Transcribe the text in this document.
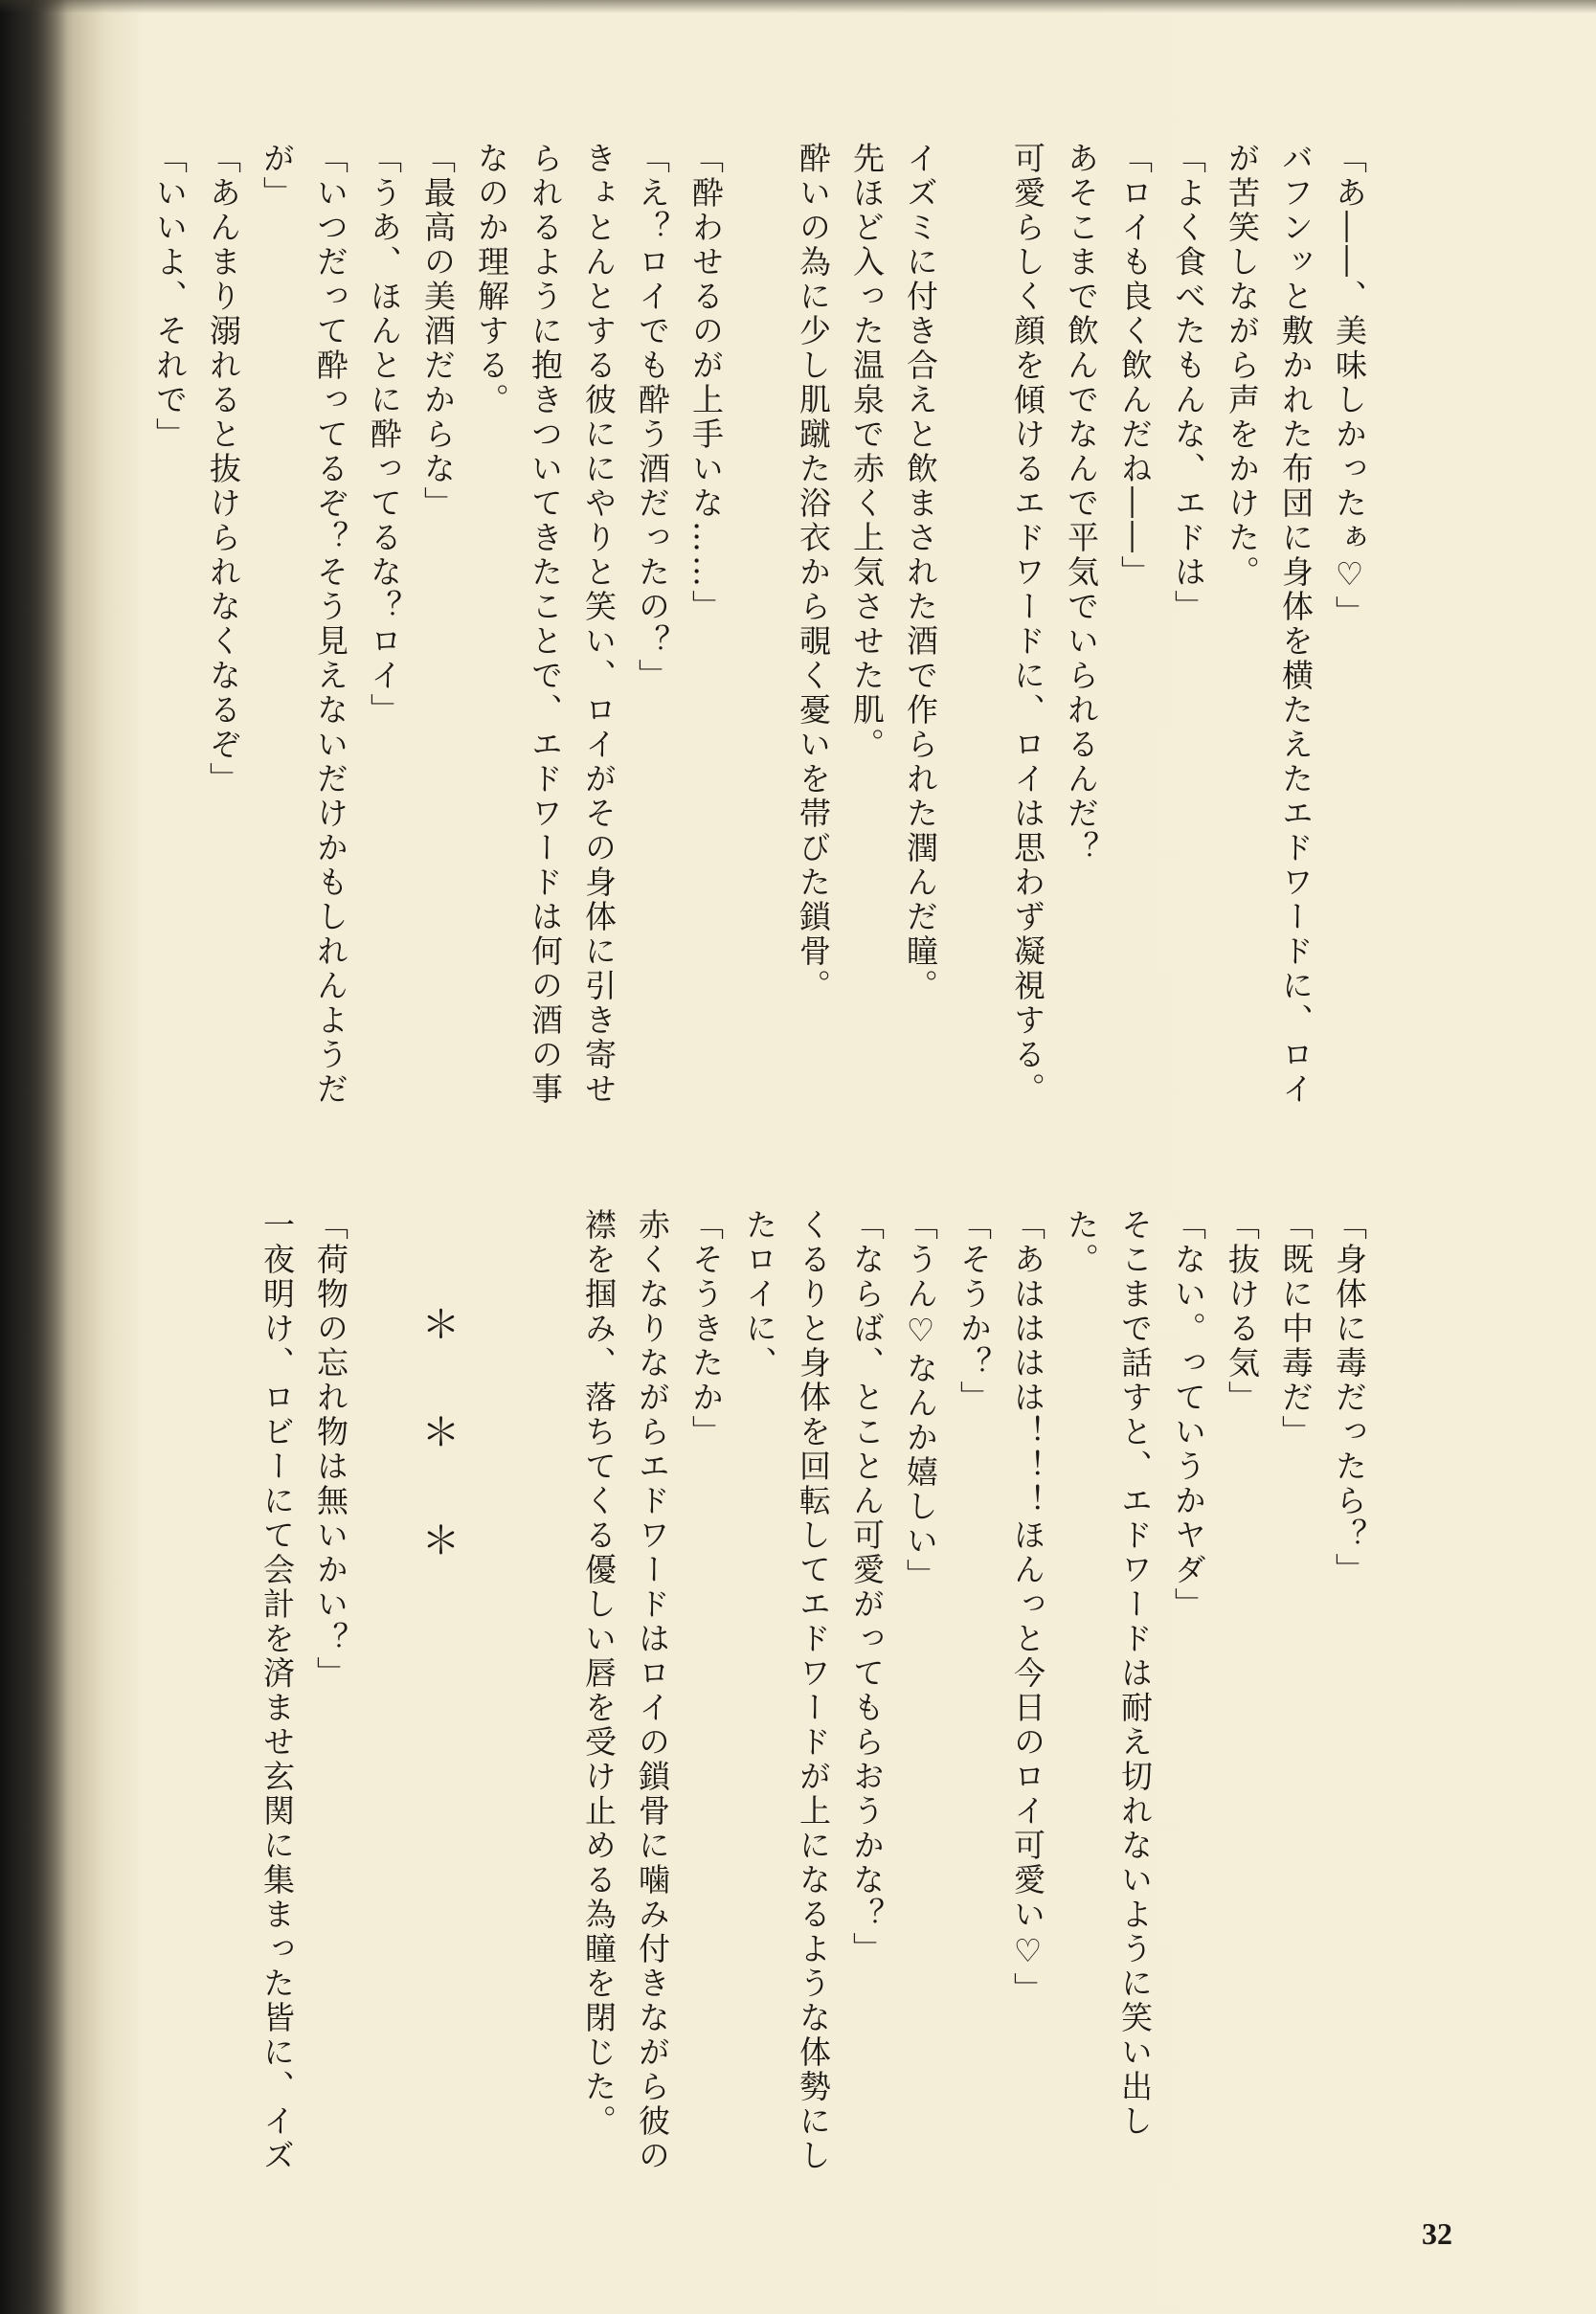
「あ――、美味しかったぁ♡」
バフンッと敷かれた布団に身体を横たえたエドワードに、ロイ
が苦笑しながら声をかけた。
「よく食べたもんな、エドは」
「ロイも良く飲んだね――」
あそこまで飲んでなんで平気でいられるんだ？
可愛らしく顔を傾けるエドワードに、ロイは思わず凝視する。
イズミに付き合えと飲まされた酒で作られた潤んだ瞳。
先ほど入った温泉で赤く上気させた肌。
酔いの為に少し肌蹴た浴衣から覗く憂いを帯びた鎖骨。
「酔わせるのが上手いな……」
「え？ロイでも酔う酒だったの？」
きょとんとする彼ににやりと笑い、ロイがその身体に引き寄せ
られるように抱きついてきたことで、エドワードは何の酒の事
なのか理解する。
「最高の美酒だからな」
「うあ、ほんとに酔ってるな？ロイ」
「いつだって酔ってるぞ？そう見えないだけかもしれんようだ
が」
「あんまり溺れると抜けられなくなるぞ」
「いいよ、それで」
「身体に毒だったら？」
「既に中毒だ」
「抜ける気」
「ない。っていうかヤダ」
そこまで話すと、エドワードは耐え切れないように笑い出し
た。
「あはははは！！！ほんっと今日のロイ可愛い♡」
「そうか？」
「うん♡なんか嬉しい」
「ならば、とことん可愛がってもらおうかな？」
くるりと身体を回転してエドワードが上になるような体勢にし
たロイに、
「そうきたか」
赤くなりながらエドワードはロイの鎖骨に噛み付きながら彼の
襟を掴み、落ちてくる優しい唇を受け止める為瞳を閉じた。
＊ ＊ ＊
「荷物の忘れ物は無いかい？」
一夜明け、ロビーにて会計を済ませ玄関に集まった皆に、イズ
32
